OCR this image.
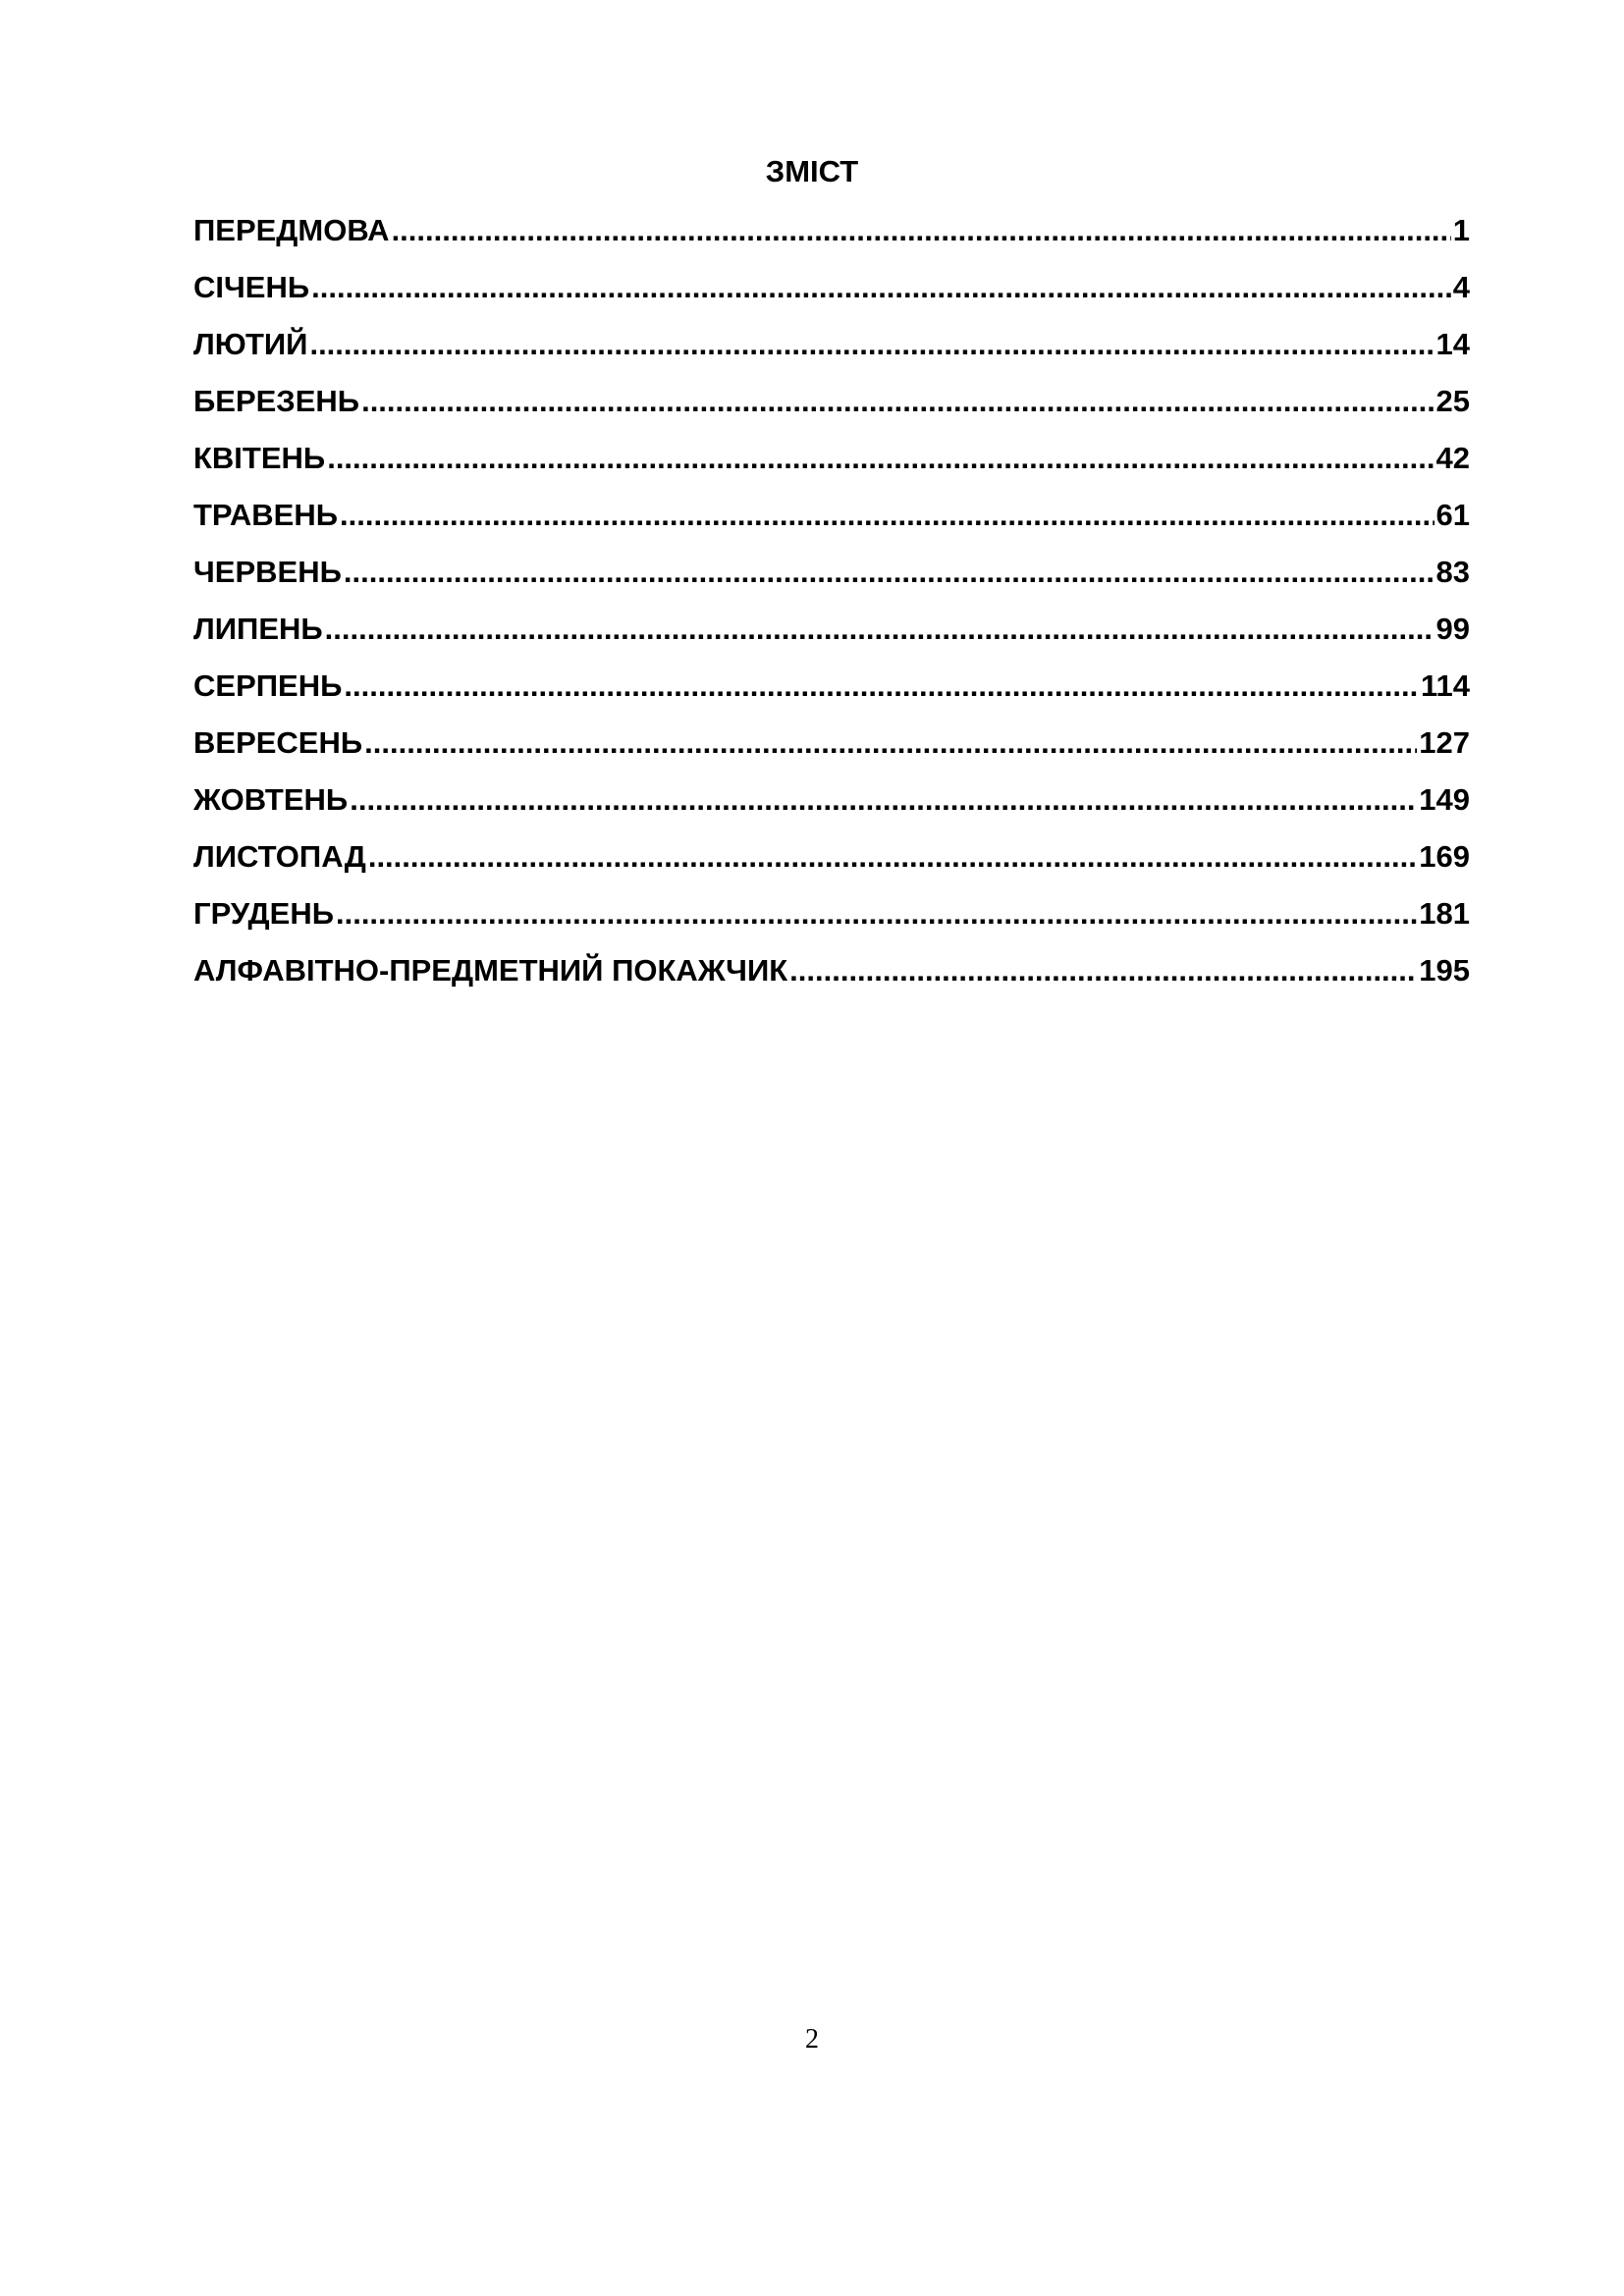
ЗМІСТ
ПЕРЕДМОВА .....	1
СІЧЕНЬ .....	4
ЛЮТИЙ .....	14
БЕРЕЗЕНЬ .....	25
КВІТЕНЬ .....	42
ТРАВЕНЬ .....	61
ЧЕРВЕНЬ .....	83
ЛИПЕНЬ .....	99
СЕРПЕНЬ .....	114
ВЕРЕСЕНЬ .....	127
ЖОВТЕНЬ .....	149
ЛИСТОПАД .....	169
ГРУДЕНЬ .....	181
АЛФАВІТНО-ПРЕДМЕТНИЙ ПОКАЖЧИК .....	195
2
